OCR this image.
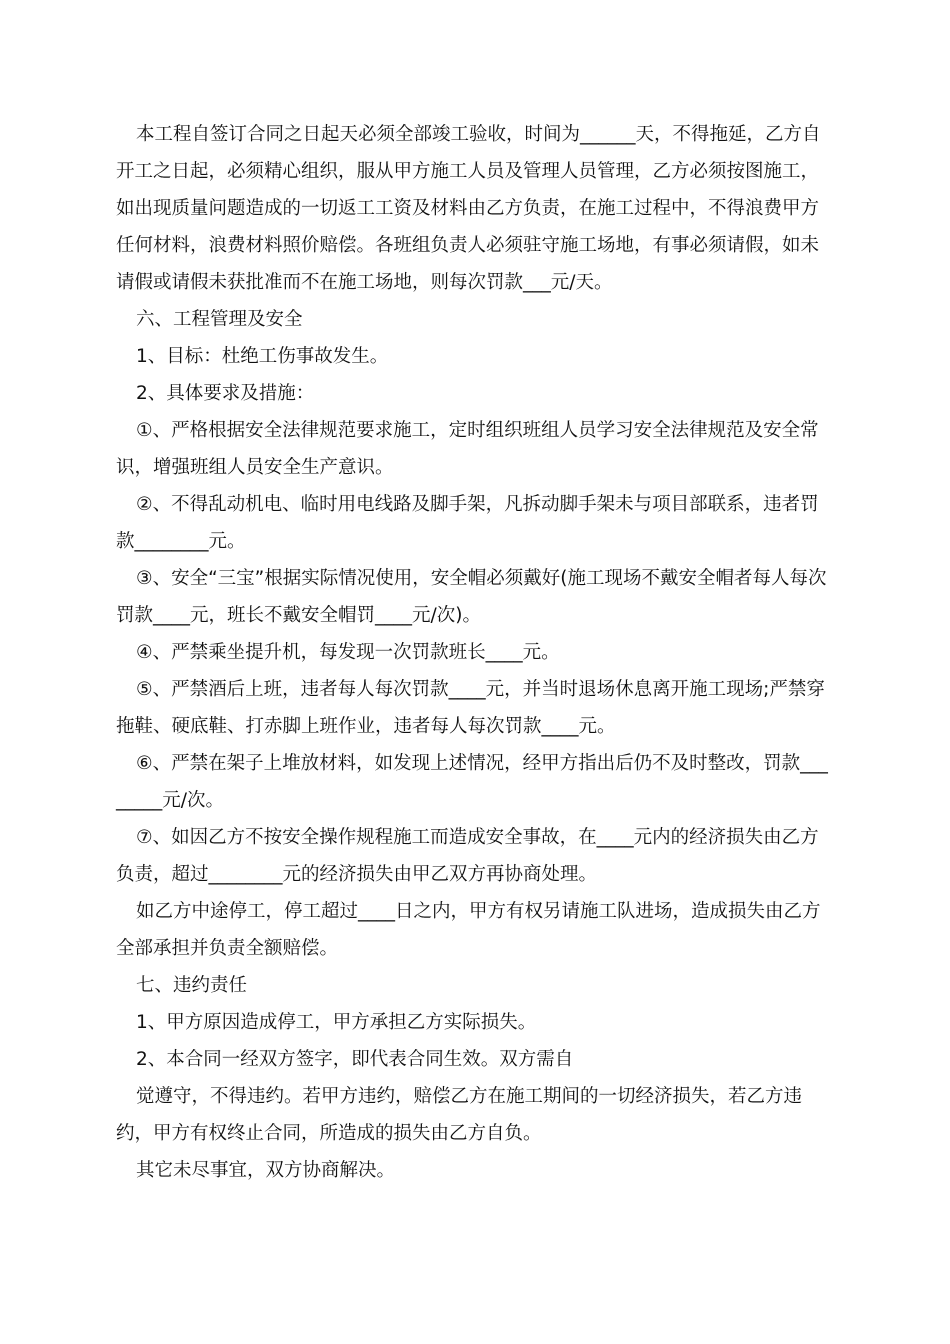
本工程自签订合同之日起天必须全部竣工验收，时间为______天，不得拖延，乙方自开工之日起，必须精心组织，服从甲方施工人员及管理人员管理，乙方必须按图施工，如出现质量问题造成的一切返工工资及材料由乙方负责，在施工过程中，不得浪费甲方任何材料，浪费材料照价赔偿。各班组负责人必须驻守施工场地，有事必须请假，如未请假或请假未获批准而不在施工场地，则每次罚款___元/天。

六、工程管理及安全

1、目标：杜绝工伤事故发生。

2、具体要求及措施：

①、严格根据安全法律规范要求施工，定时组织班组人员学习安全法律规范及安全常识，增强班组人员安全生产意识。

②、不得乱动机电、临时用电线路及脚手架，凡拆动脚手架未与项目部联系，违者罚款________元。

③、安全“三宝”根据实际情况使用，安全帽必须戴好(施工现场不戴安全帽者每人每次罚款____元，班长不戴安全帽罚____元/次)。

④、严禁乘坐提升机，每发现一次罚款班长____元。

⑤、严禁酒后上班，违者每人每次罚款____元，并当时退场休息离开施工现场;严禁穿拖鞋、硬底鞋、打赤脚上班作业，违者每人每次罚款____元。

⑥、严禁在架子上堆放材料，如发现上述情况，经甲方指出后仍不及时整改，罚款________元/次。

⑦、如因乙方不按安全操作规程施工而造成安全事故，在____元内的经济损失由乙方负责，超过________元的经济损失由甲乙双方再协商处理。

如乙方中途停工，停工超过____日之内，甲方有权另请施工队进场，造成损失由乙方全部承担并负责全额赔偿。

七、违约责任

1、甲方原因造成停工，甲方承担乙方实际损失。

2、本合同一经双方签字，即代表合同生效。双方需自

觉遵守，不得违约。若甲方违约，赔偿乙方在施工期间的一切经济损失，若乙方违约，甲方有权终止合同，所造成的损失由乙方自负。

其它未尽事宜，双方协商解决。
